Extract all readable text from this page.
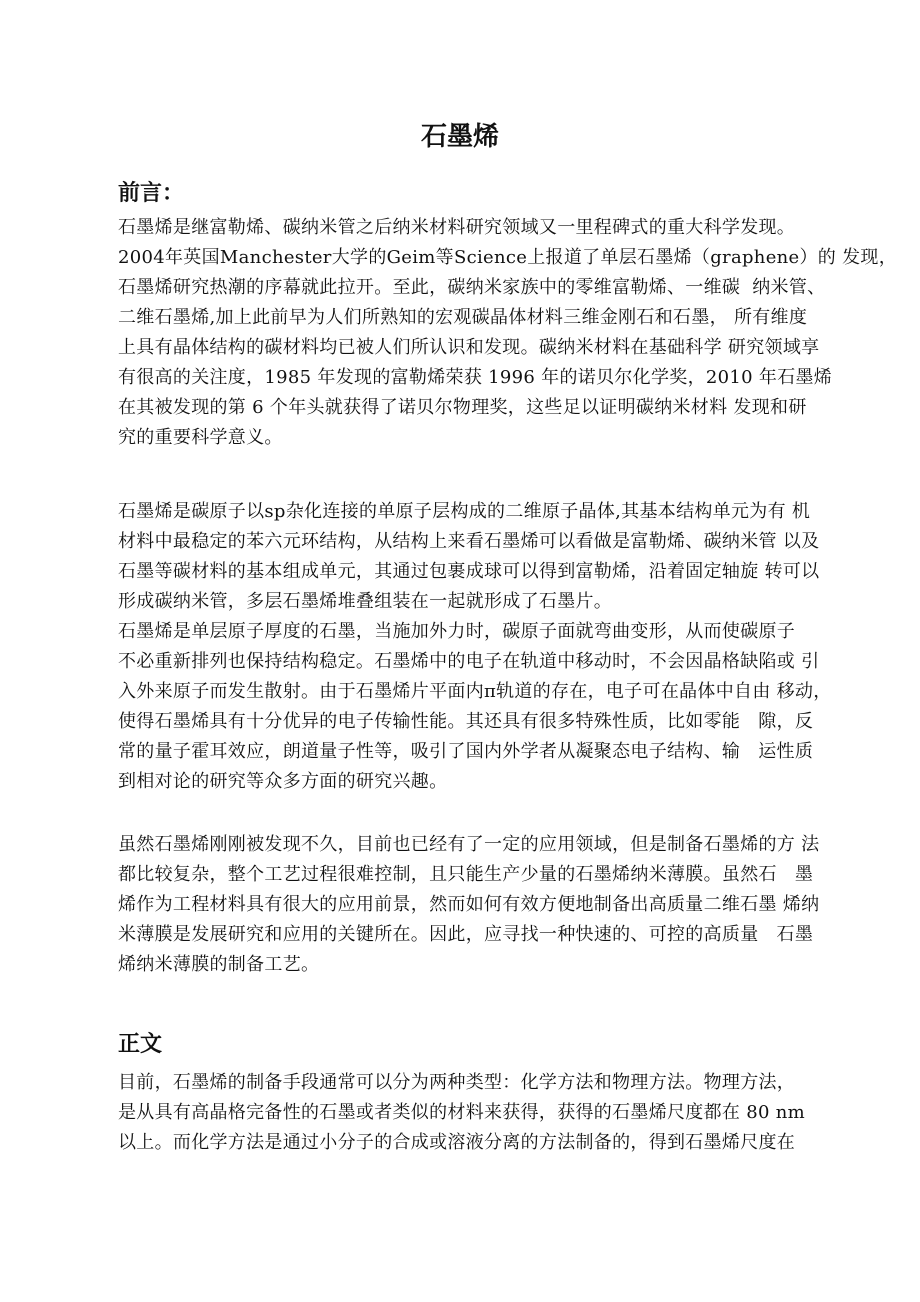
石墨烯
前言：
石墨烯是继富勒烯、碳纳米管之后纳米材料研究领域又一里程碑式的重大科学发现。
2004年英国Manchester大学的Geim等Science上报道了单层石墨烯（graphene）的 发现，
石墨烯研究热潮的序幕就此拉开。至此，碳纳米家族中的零维富勒烯、一维碳  纳米管、
二维石墨烯,加上此前早为人们所熟知的宏观碳晶体材料三维金刚石和石墨， 所有维度
上具有晶体结构的碳材料均已被人们所认识和发现。碳纳米材料在基础科学 研究领域享
有很高的关注度，1985 年发现的富勒烯荣获 1996 年的诺贝尔化学奖，2010 年石墨烯
在其被发现的第 6 个年头就获得了诺贝尔物理奖，这些足以证明碳纳米材料 发现和研
究的重要科学意义。
石墨烯是碳原子以sp杂化连接的单原子层构成的二维原子晶体,其基本结构单元为有 机
材料中最稳定的苯六元环结构，从结构上来看石墨烯可以看做是富勒烯、碳纳米管 以及
石墨等碳材料的基本组成单元，其通过包裹成球可以得到富勒烯，沿着固定轴旋 转可以
形成碳纳米管，多层石墨烯堆叠组装在一起就形成了石墨片。
石墨烯是单层原子厚度的石墨，当施加外力时，碳原子面就弯曲变形，从而使碳原子
不必重新排列也保持结构稳定。石墨烯中的电子在轨道中移动时，不会因晶格缺陷或 引
入外来原子而发生散射。由于石墨烯片平面内π轨道的存在，电子可在晶体中自由 移动，
使得石墨烯具有十分优异的电子传输性能。其还具有很多特殊性质，比如零能   隙，反
常的量子霍耳效应，朗道量子性等，吸引了国内外学者从凝聚态电子结构、输   运性质
到相对论的研究等众多方面的研究兴趣。
虽然石墨烯刚刚被发现不久，目前也已经有了一定的应用领域，但是制备石墨烯的方 法
都比较复杂，整个工艺过程很难控制，且只能生产少量的石墨烯纳米薄膜。虽然石   墨
烯作为工程材料具有很大的应用前景，然而如何有效方便地制备出高质量二维石墨 烯纳
米薄膜是发展研究和应用的关键所在。因此，应寻找一种快速的、可控的高质量   石墨
烯纳米薄膜的制备工艺。
正文
目前，石墨烯的制备手段通常可以分为两种类型：化学方法和物理方法。物理方法，
是从具有高晶格完备性的石墨或者类似的材料来获得，获得的石墨烯尺度都在 80 nm
以上。而化学方法是通过小分子的合成或溶液分离的方法制备的，得到石墨烯尺度在
